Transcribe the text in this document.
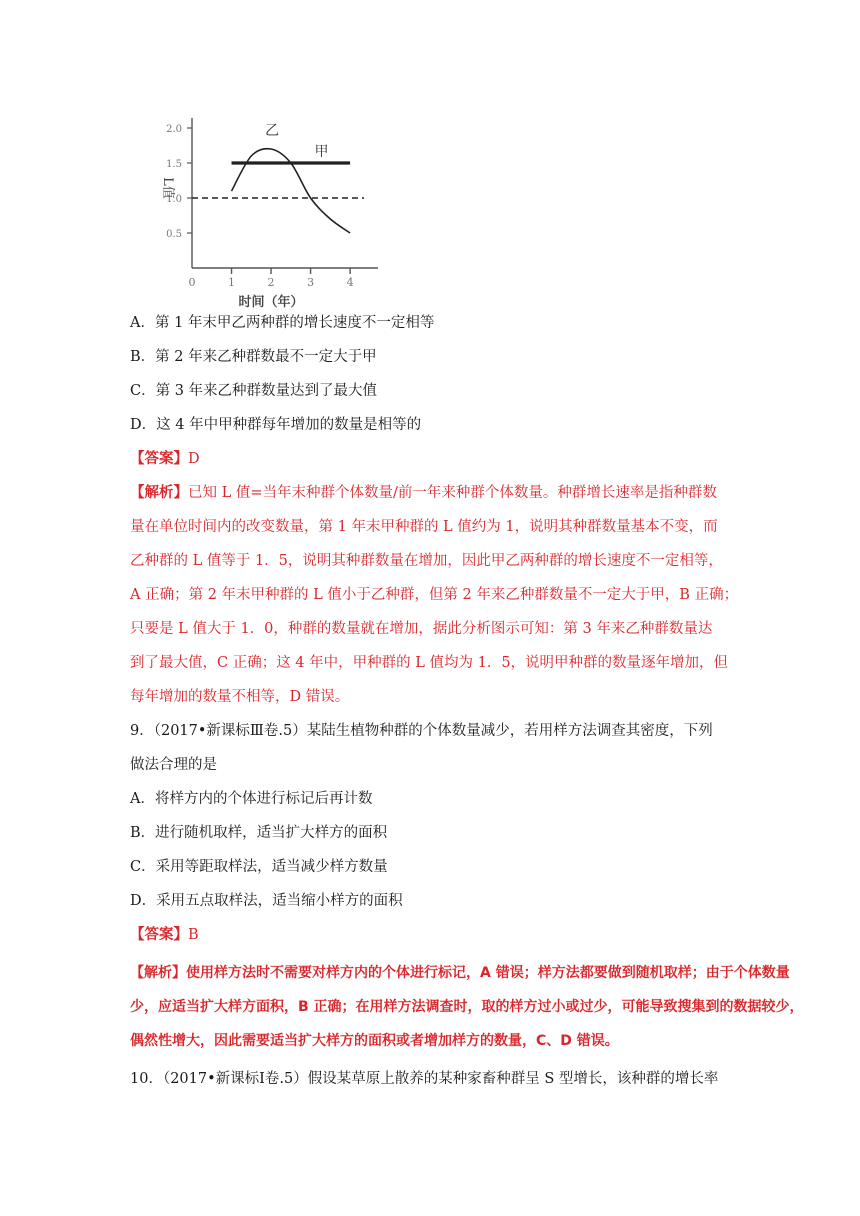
2.0
1.5
1.0
0.5
0	1	2	3	4
L值
时间（年）
乙
甲
A．第 1 年末甲乙两种群的增长速度不一定相等
B．第 2 年来乙种群数最不一定大于甲
C．第 3 年来乙种群数量达到了最大值
D．这 4 年中甲种群每年增加的数量是相等的
【答案】D
【解析】已知 L 值=当年末种群个体数量/前一年来种群个体数量。种群增长速率是指种群数
量在单位时间内的改变数量，第 1 年末甲种群的 L 值约为 1，说明其种群数量基本不变，而
乙种群的 L 值等于 1．5，说明其种群数量在增加，因此甲乙两种群的增长速度不一定相等，
A 正确；第 2 年末甲种群的 L 值小于乙种群，但第 2 年来乙种群数量不一定大于甲，B 正确；
只要是 L 值大于 1．0，种群的数量就在增加，据此分析图示可知：第 3 年来乙种群数量达
到了最大值，C 正确；这 4 年中，甲种群的 L 值均为 1．5，说明甲种群的数量逐年增加，但
每年增加的数量不相等，D 错误。
9．（2017•新课标Ⅲ卷.5）某陆生植物种群的个体数量减少，若用样方法调查其密度，下列
做法合理的是
A．将样方内的个体进行标记后再计数
B．进行随机取样，适当扩大样方的面积
C．采用等距取样法，适当减少样方数量
D．采用五点取样法，适当缩小样方的面积
【答案】B
【解析】使用样方法时不需要对样方内的个体进行标记，A 错误；样方法都要做到随机取样；由于个体数量
少，应适当扩大样方面积，B 正确；在用样方法调查时，取的样方过小或过少，可能导致搜集到的数据较少，
偶然性增大，因此需要适当扩大样方的面积或者增加样方的数量，C、D 错误。
10．（2017•新课标Ⅰ卷.5）假设某草原上散养的某种家畜种群呈 S 型增长，该种群的增长率
